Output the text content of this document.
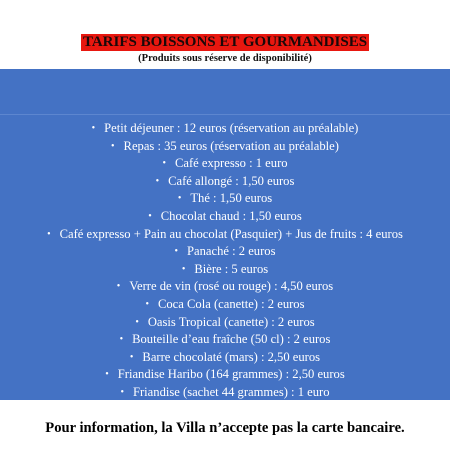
TARIFS BOISSONS ET GOURMANDISES
(Produits sous réserve de disponibilité)
• Petit déjeuner : 12 euros (réservation au préalable)
• Repas : 35 euros (réservation au préalable)
• Café expresso : 1 euro
• Café allongé : 1,50 euros
• Thé : 1,50 euros
• Chocolat chaud : 1,50 euros
• Café expresso + Pain au chocolat (Pasquier) + Jus de fruits : 4 euros
• Panaché : 2 euros
• Bière : 5 euros
• Verre de vin (rosé ou rouge) : 4,50 euros
• Coca Cola (canette) : 2 euros
• Oasis Tropical (canette) : 2 euros
• Bouteille d’eau fraîche (50 cl) : 2 euros
• Barre chocolaté (mars) : 2,50 euros
• Friandise Haribo (164 grammes) : 2,50 euros
• Friandise (sachet 44 grammes) : 1 euro
Pour information, la Villa n’accepte pas la carte bancaire.
